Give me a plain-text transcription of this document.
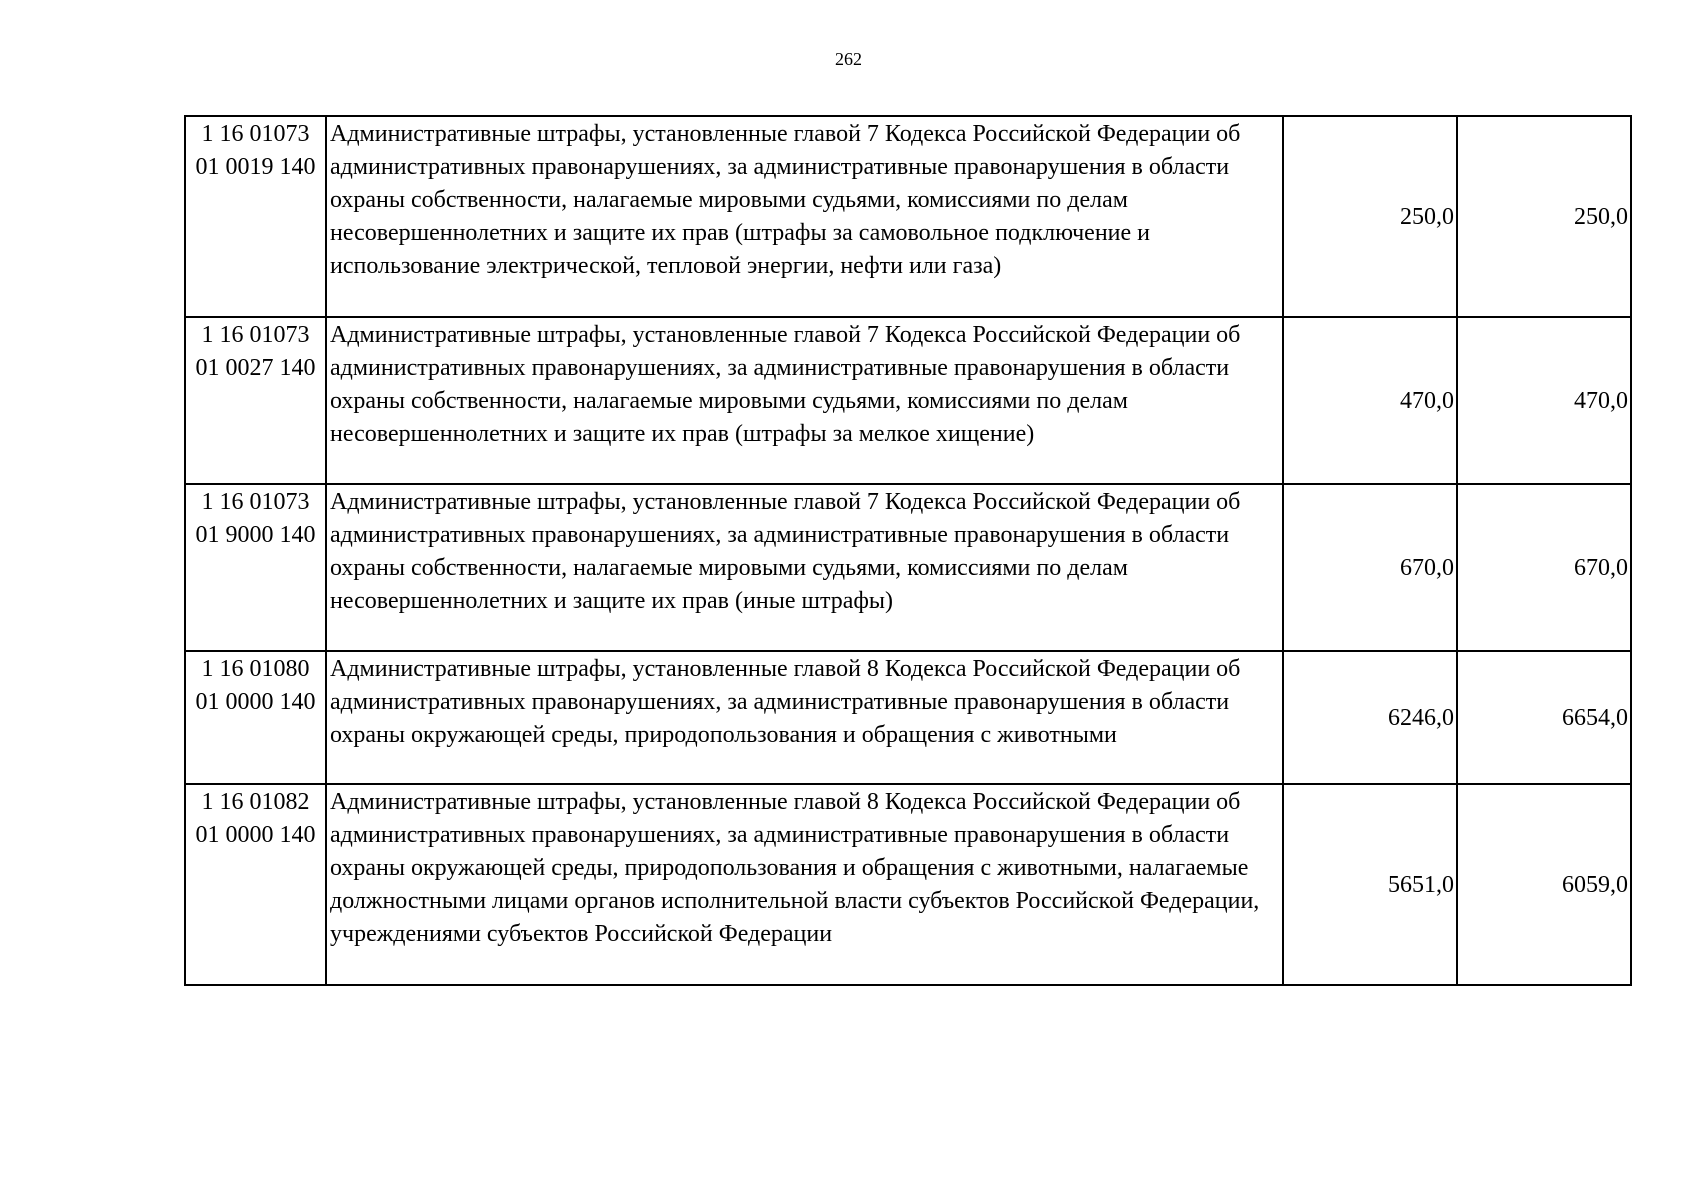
262
1 16 01073
01 0019 140	Административные штрафы, установленные главой 7 Кодекса Российской Федерации об административных правонарушениях, за административные правонарушения в области охраны собственности, налагаемые мировыми судьями, комиссиями по делам несовершеннолетних и защите их прав (штрафы за самовольное подключение и использование электрической, тепловой энергии, нефти или газа)	250,0	250,0

1 16 01073
01 0027 140	Административные штрафы, установленные главой 7 Кодекса Российской Федерации об административных правонарушениях, за административные правонарушения в области охраны собственности, налагаемые мировыми судьями, комиссиями по делам несовершеннолетних и защите их прав (штрафы за мелкое хищение)	470,0	470,0

1 16 01073
01 9000 140	Административные штрафы, установленные главой 7 Кодекса Российской Федерации об административных правонарушениях, за административные правонарушения в области охраны собственности, налагаемые мировыми судьями, комиссиями по делам несовершеннолетних и защите их прав (иные штрафы)	670,0	670,0

1 16 01080
01 0000 140	Административные штрафы, установленные главой 8 Кодекса Российской Федерации об административных правонарушениях, за административные правонарушения в области охраны окружающей среды, природопользования и обращения с животными	6246,0	6654,0

1 16 01082
01 0000 140	Административные штрафы, установленные главой 8 Кодекса Российской Федерации об административных правонарушениях, за административные правонарушения в области охраны окружающей среды, природопользования и обращения с животными, налагаемые должностными лицами органов исполнительной власти субъектов Российской Федерации, учреждениями субъектов Российской Федерации	5651,0	6059,0
